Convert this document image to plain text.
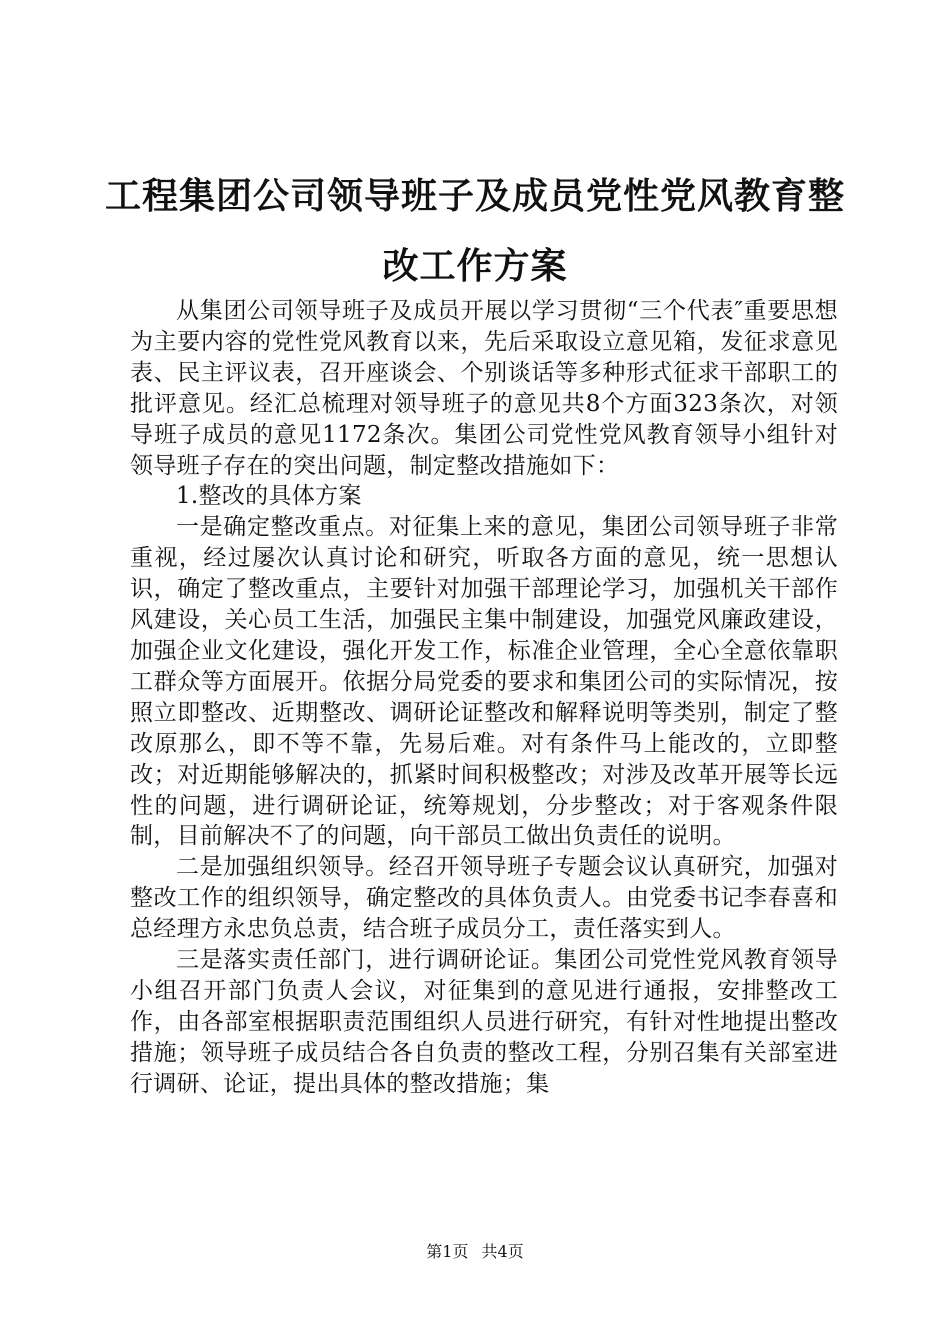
工程集团公司领导班子及成员党性党风教育整
改工作方案

从集团公司领导班子及成员开展以学习贯彻“三个代表″重要思想为主要内容的党性党风教育以来，先后采取设立意见箱，发征求意见表、民主评议表，召开座谈会、个别谈话等多种形式征求干部职工的批评意见。经汇总梳理对领导班子的意见共8个方面323条次，对领导班子成员的意见1172条次。集团公司党性党风教育领导小组针对领导班子存在的突出问题，制定整改措施如下：

1.整改的具体方案

一是确定整改重点。对征集上来的意见，集团公司领导班子非常重视，经过屡次认真讨论和研究，听取各方面的意见，统一思想认识，确定了整改重点，主要针对加强干部理论学习，加强机关干部作风建设，关心员工生活，加强民主集中制建设，加强党风廉政建设，加强企业文化建设，强化开发工作，标准企业管理，全心全意依靠职工群众等方面展开。依据分局党委的要求和集团公司的实际情况，按照立即整改、近期整改、调研论证整改和解释说明等类别，制定了整改原那么，即不等不靠，先易后难。对有条件马上能改的，立即整改；对近期能够解决的，抓紧时间积极整改；对涉及改革开展等长远性的问题，进行调研论证，统筹规划，分步整改；对于客观条件限制，目前解决不了的问题，向干部员工做出负责任的说明。

二是加强组织领导。经召开领导班子专题会议认真研究，加强对整改工作的组织领导，确定整改的具体负责人。由党委书记李春喜和总经理方永忠负总责，结合班子成员分工，责任落实到人。

三是落实责任部门，进行调研论证。集团公司党性党风教育领导小组召开部门负责人会议，对征集到的意见进行通报，安排整改工作，由各部室根据职责范围组织人员进行研究，有针对性地提出整改措施；领导班子成员结合各自负责的整改工程，分别召集有关部室进行调研、论证，提出具体的整改措施；集

第1页 共4页
